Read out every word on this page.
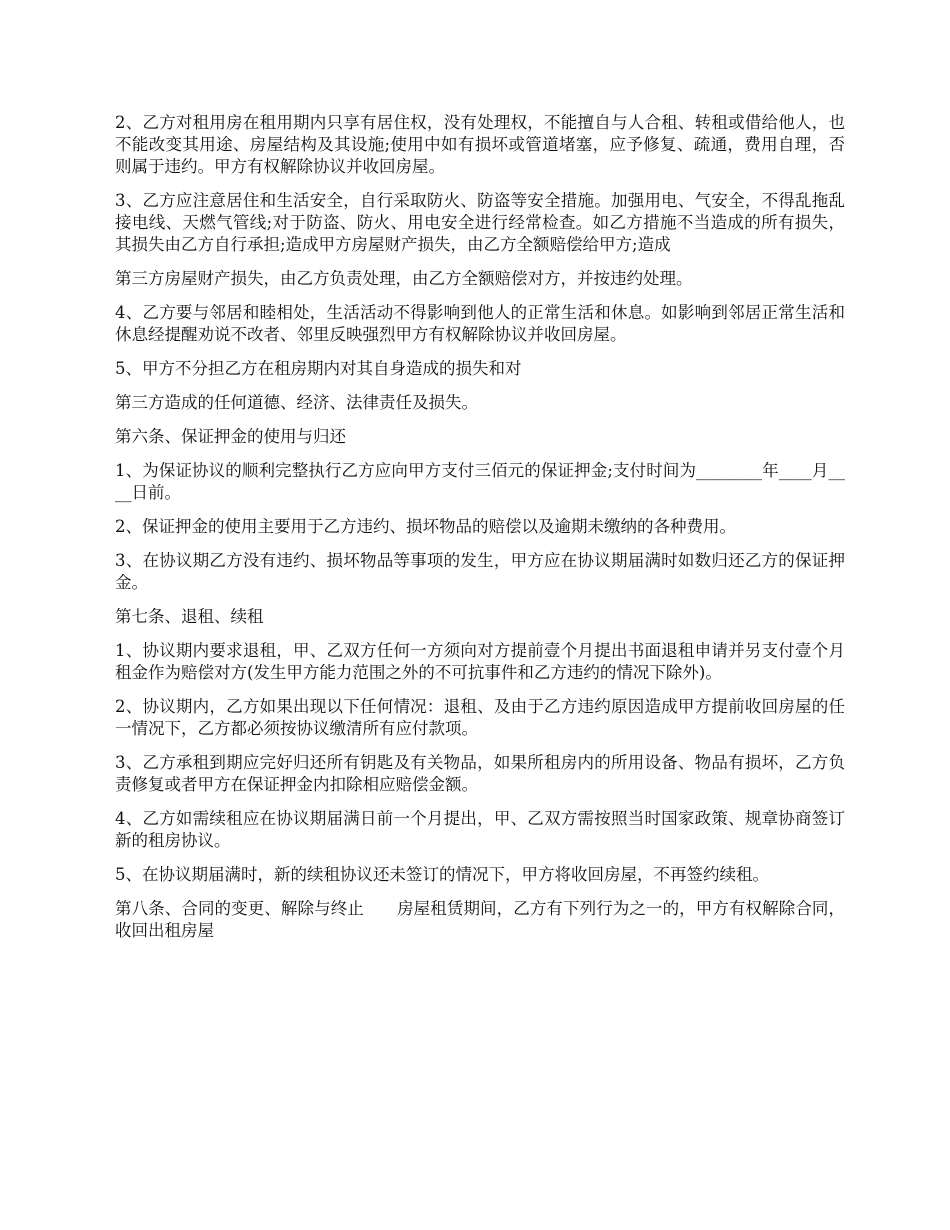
2、乙方对租用房在租用期内只享有居住权，没有处理权，不能擅自与人合租、转租或借给他人，也不能改变其用途、房屋结构及其设施;使用中如有损坏或管道堵塞，应予修复、疏通，费用自理，否则属于违约。甲方有权解除协议并收回房屋。

3、乙方应注意居住和生活安全，自行采取防火、防盗等安全措施。加强用电、气安全，不得乱拖乱接电线、天燃气管线;对于防盗、防火、用电安全进行经常检查。如乙方措施不当造成的所有损失，其损失由乙方自行承担;造成甲方房屋财产损失，由乙方全额赔偿给甲方;造成

第三方房屋财产损失，由乙方负责处理，由乙方全额赔偿对方，并按违约处理。

4、乙方要与邻居和睦相处，生活活动不得影响到他人的正常生活和休息。如影响到邻居正常生活和休息经提醒劝说不改者、邻里反映强烈甲方有权解除协议并收回房屋。

5、甲方不分担乙方在租房期内对其自身造成的损失和对

第三方造成的任何道德、经济、法律责任及损失。

第六条、保证押金的使用与归还

1、为保证协议的顺利完整执行乙方应向甲方支付三佰元的保证押金;支付时间为________年____月____日前。

2、保证押金的使用主要用于乙方违约、损坏物品的赔偿以及逾期未缴纳的各种费用。

3、在协议期乙方没有违约、损坏物品等事项的发生，甲方应在协议期届满时如数归还乙方的保证押金。

第七条、退租、续租

1、协议期内要求退租，甲、乙双方任何一方须向对方提前壹个月提出书面退租申请并另支付壹个月租金作为赔偿对方(发生甲方能力范围之外的不可抗事件和乙方违约的情况下除外)。

2、协议期内，乙方如果出现以下任何情况：退租、及由于乙方违约原因造成甲方提前收回房屋的任一情况下，乙方都必须按协议缴清所有应付款项。

3、乙方承租到期应完好归还所有钥匙及有关物品，如果所租房内的所用设备、物品有损坏，乙方负责修复或者甲方在保证押金内扣除相应赔偿金额。

4、乙方如需续租应在协议期届满日前一个月提出，甲、乙双方需按照当时国家政策、规章协商签订新的租房协议。

5、在协议期届满时，新的续租协议还未签订的情况下，甲方将收回房屋，不再签约续租。

第八条、合同的变更、解除与终止　　房屋租赁期间，乙方有下列行为之一的，甲方有权解除合同，收回出租房屋
